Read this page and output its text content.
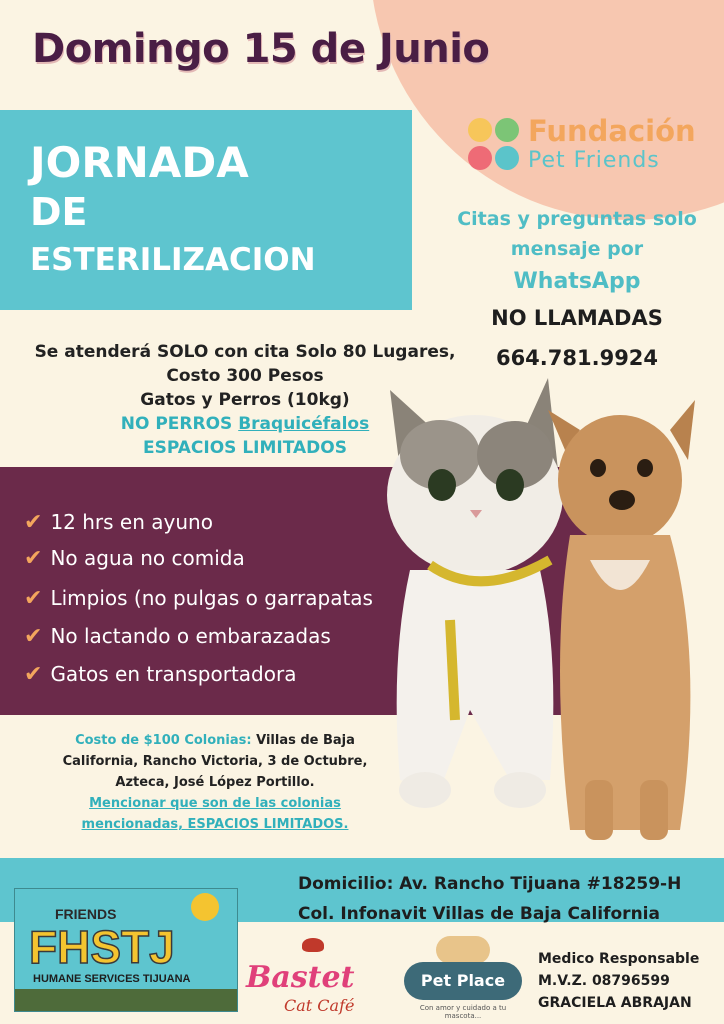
Domingo 15 de Junio
JORNADA
DE
ESTERILIZACION
Fundación
Pet Friends
Citas y preguntas solo
mensaje por
WhatsApp
NO LLAMADAS
664.781.9924
Se atenderá SOLO con cita Solo 80 Lugares,
Costo 300 Pesos
Gatos y Perros (10kg)
NO PERROS Braquicéfalos
ESPACIOS LIMITADOS
✔ 12 hrs en ayuno
✔ No agua no comida
✔ Limpios (no pulgas o garrapatas
✔ No lactando o embarazadas
✔ Gatos en transportadora
Costo de $100 Colonias: Villas de Baja
California, Rancho Victoria, 3 de Octubre,
Azteca, José López Portillo.
Mencionar que son de las colonias
mencionadas, ESPACIOS LIMITADOS.
Domicilio: Av. Rancho Tijuana #18259-H
Col. Infonavit Villas de Baja California
FRIENDS
FHSTJ
HUMANE SERVICES TIJUANA Bastet
Cat Café
Pet Place
Con amor y cuidado a tu mascota...
Medico Responsable
M.V.Z. 08796599
GRACIELA ABRAJAN
